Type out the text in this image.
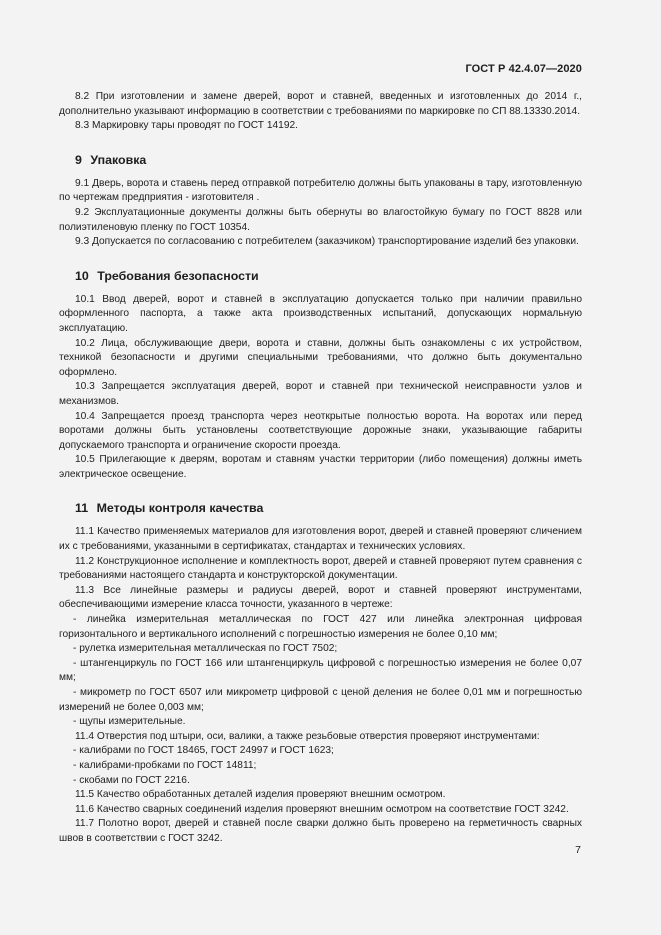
ГОСТ Р 42.4.07—2020

8.2 При изготовлении и замене дверей, ворот и ставней, введенных и изготовленных до 2014 г., дополнительно указывают информацию в соответствии с требованиями по маркировке по СП 88.13330.2014.

8.3 Маркировку тары проводят по ГОСТ 14192.

9 Упаковка

9.1 Дверь, ворота и ставень перед отправкой потребителю должны быть упакованы в тару, изготовленную по чертежам предприятия - изготовителя .

9.2 Эксплуатационные документы должны быть обернуты во влагостойкую бумагу по ГОСТ 8828 или полиэтиленовую пленку по ГОСТ 10354.

9.3 Допускается по согласованию с потребителем (заказчиком) транспортирование изделий без упаковки.

10 Требования безопасности

10.1 Ввод дверей, ворот и ставней в эксплуатацию допускается только при наличии правильно оформленного паспорта, а также акта производственных испытаний, допускающих нормальную эксплуатацию.

10.2 Лица, обслуживающие двери, ворота и ставни, должны быть ознакомлены с их устройством, техникой безопасности и другими специальными требованиями, что должно быть документально оформлено.

10.3 Запрещается эксплуатация дверей, ворот и ставней при технической неисправности узлов и механизмов.

10.4 Запрещается проезд транспорта через неоткрытые полностью ворота. На воротах или перед воротами должны быть установлены соответствующие дорожные знаки, указывающие габариты допускаемого транспорта и ограничение скорости проезда.

10.5 Прилегающие к дверям, воротам и ставням участки территории (либо помещения) должны иметь электрическое освещение.

11 Методы контроля качества

11.1 Качество применяемых материалов для изготовления ворот, дверей и ставней проверяют сличением их с требованиями, указанными в сертификатах, стандартах и технических условиях.

11.2 Конструкционное исполнение и комплектность ворот, дверей и ставней проверяют путем сравнения с требованиями настоящего стандарта и конструкторской документации.

11.3 Все линейные размеры и радиусы дверей, ворот и ставней проверяют инструментами, обеспечивающими измерение класса точности, указанного в чертеже:

- линейка измерительная металлическая по ГОСТ 427 или линейка электронная цифровая горизонтального и вертикального исполнений с погрешностью измерения не более 0,10 мм;

- рулетка измерительная металлическая по ГОСТ 7502;

- штангенциркуль по ГОСТ 166 или штангенциркуль цифровой с погрешностью измерения не более 0,07 мм;

- микрометр по ГОСТ 6507 или микрометр цифровой с ценой деления не более 0,01 мм и погрешностью измерений не более 0,003 мм;

- щупы измерительные.

11.4 Отверстия под штыри, оси, валики, а также резьбовые отверстия проверяют инструментами:

- калибрами по ГОСТ 18465, ГОСТ 24997 и ГОСТ 1623;

- калибрами-пробками по ГОСТ 14811;

- скобами по ГОСТ 2216.

11.5 Качество обработанных деталей изделия проверяют внешним осмотром.

11.6 Качество сварных соединений изделия проверяют внешним осмотром на соответствие ГОСТ 3242.

11.7 Полотно ворот, дверей и ставней после сварки должно быть проверено на герметичность сварных швов в соответствии с ГОСТ 3242.

7
